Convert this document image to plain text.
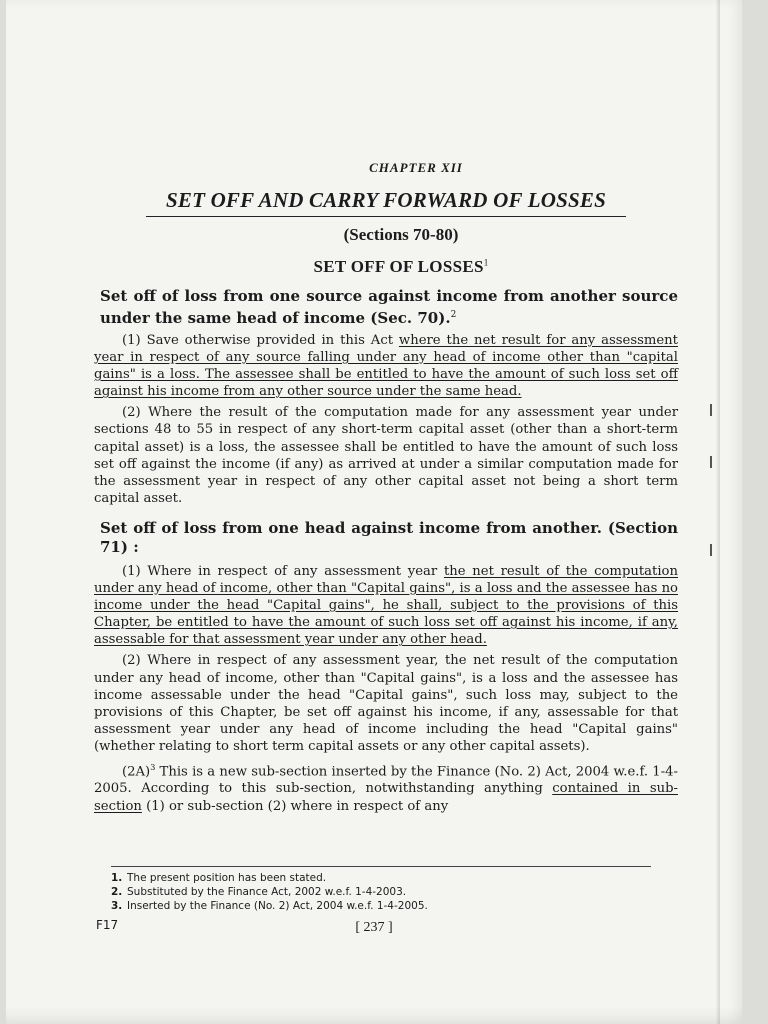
CHAPTER XII
SET OFF AND CARRY FORWARD OF LOSSES
(Sections 70-80)
SET OFF OF LOSSES$^1$
Set off of loss from one source against income from another source under the same head of income (Sec. 70).$^2$

(1) Save otherwise provided in this Act where the net result for any assessment year in respect of any source falling under any head of income other than "capital gains" is a loss. The assessee shall be entitled to have the amount of such loss set off against his income from any other source under the same head.

(2) Where the result of the computation made for any assessment year under sections 48 to 55 in respect of any short-term capital asset (other than a short-term capital asset) is a loss, the assessee shall be entitled to have the amount of such loss set off against the income (if any) as arrived at under a similar computation made for the assessment year in respect of any other capital asset not being a short term capital asset.

Set off of loss from one head against income from another. (Section 71) :

(1) Where in respect of any assessment year the net result of the computation under any head of income, other than "Capital gains", is a loss and the assessee has no income under the head "Capital gains", he shall, subject to the provisions of this Chapter, be entitled to have the amount of such loss set off against his income, if any, assessable for that assessment year under any other head.

(2) Where in respect of any assessment year, the net result of the computation under any head of income, other than "Capital gains", is a loss and the assessee has income assessable under the head "Capital gains", such loss may, subject to the provisions of this Chapter, be set off against his income, if any, assessable for that assessment year under any head of income including the head "Capital gains" (whether relating to short term capital assets or any other capital assets).

$(2A)^3$ This is a new sub-section inserted by the Finance (No. 2) Act, 2004 w.e.f. 1-4-2005. According to this sub-section, notwithstanding anything contained in sub-section (1) or sub-section (2) where in respect of any

1. The present position has been stated.
2. Substituted by the Finance Act, 2002 w.e.f. 1-4-2003.
3. Inserted by the Finance (No. 2) Act, 2004 w.e.f. 1-4-2005.
F17	[ 237 ]
